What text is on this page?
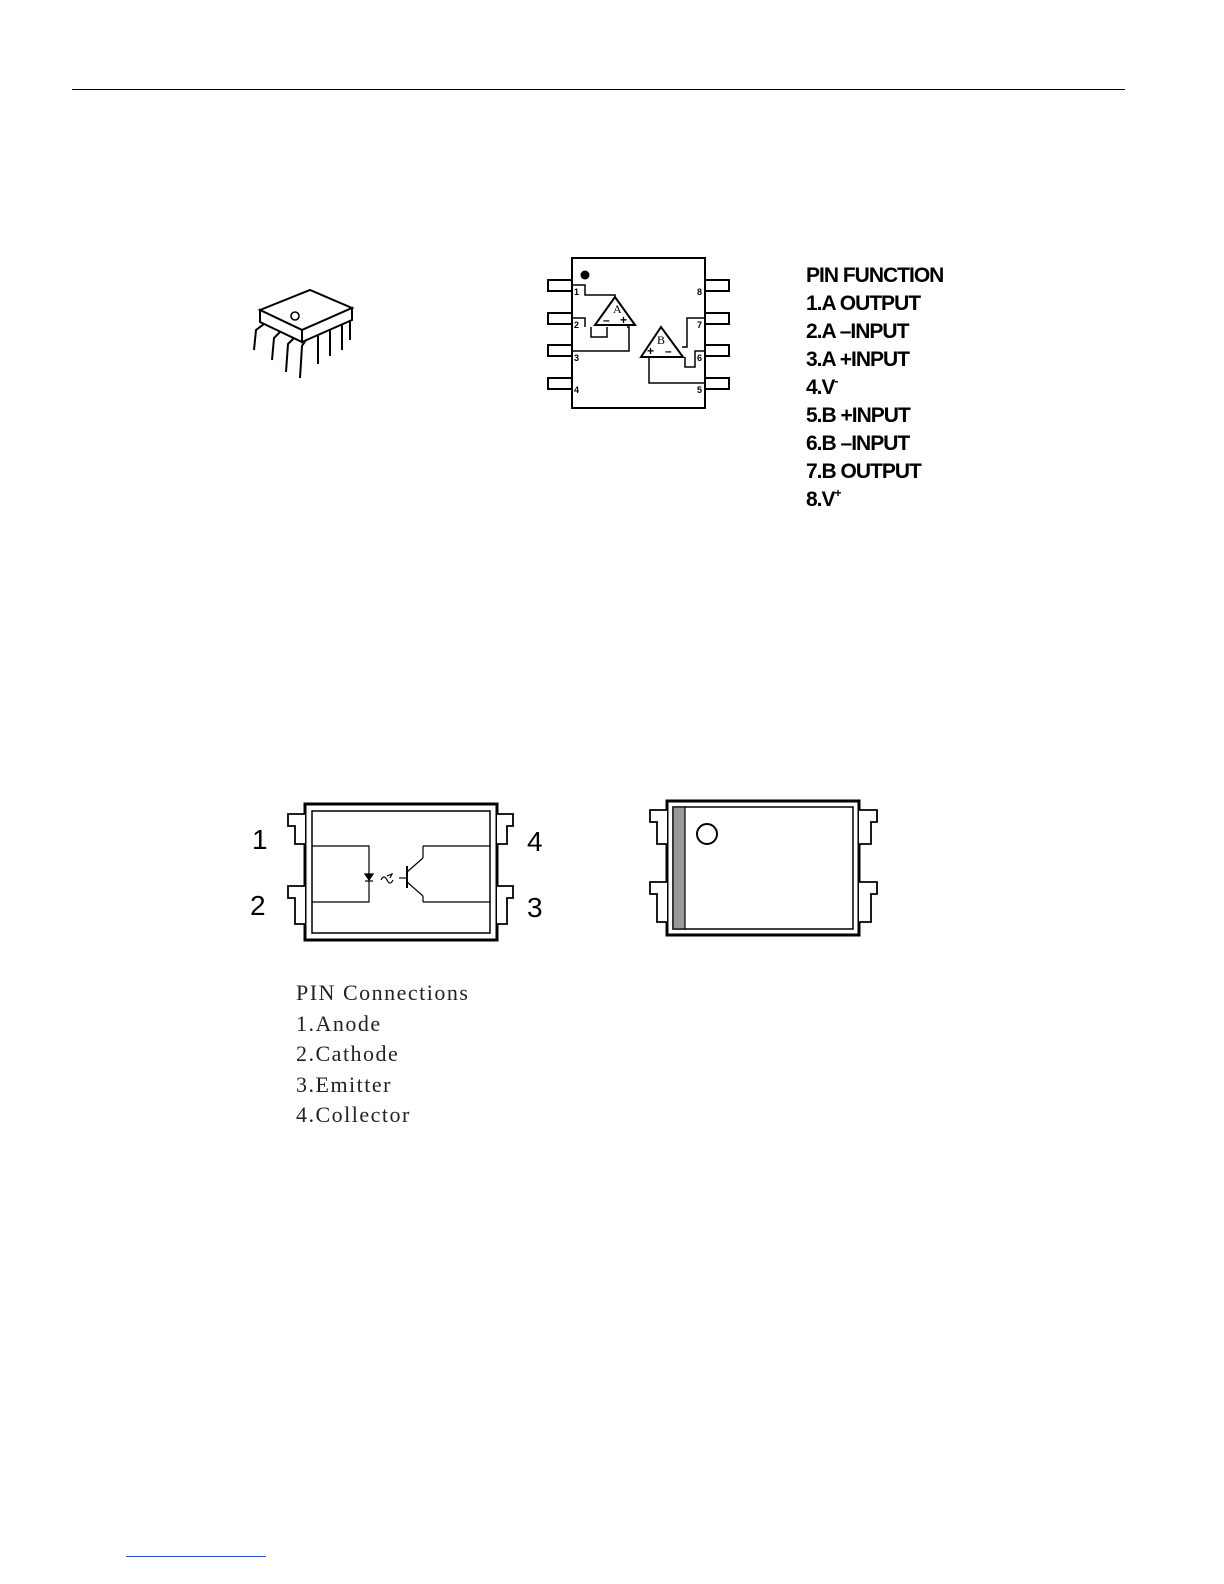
A
– +
B
+ –
1
2
3
4	5
6
7
8
PIN FUNCTION
1.A OUTPUT
2.A –INPUT
3.A +INPUT
4.V-
5.B +INPUT
6.B –INPUT
7.B OUTPUT
8.V+
1
2	3
4
PIN Connections
1.Anode
2.Cathode
3.Emitter
4.Collector
